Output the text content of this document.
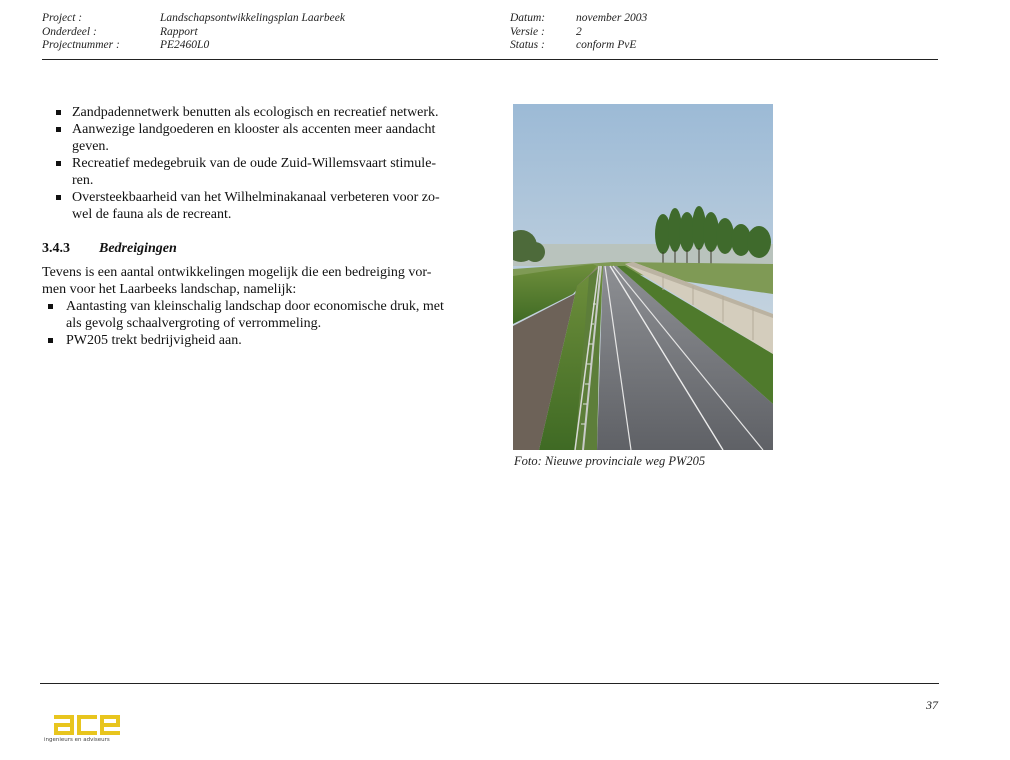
Project :
Onderdeel :
Projectnummer :
Landschapsontwikkelingsplan Laarbeek
Rapport
PE2460L0
Datum:
Versie :
Status :
november 2003
2
conform PvE
Zandpadennetwerk benutten als ecologisch en recreatief netwerk.
Aanwezige landgoederen en klooster als accenten meer aandacht
geven.
Recreatief medegebruik van de oude Zuid-Willemsvaart stimule-
ren.
Oversteekbaarheid van het Wilhelminakanaal verbeteren voor zo-
wel de fauna als de recreant.
3.4.3 Bedreigingen
Tevens is een aantal ontwikkelingen mogelijk die een bedreiging vor-
men voor het Laarbeeks landschap, namelijk:
Aantasting van kleinschalig landschap door economische druk, met
als gevolg schaalvergroting of verrommeling.
PW205 trekt bedrijvigheid aan.
Foto: Nieuwe provinciale weg PW205
37
ingenieurs en adviseurs
